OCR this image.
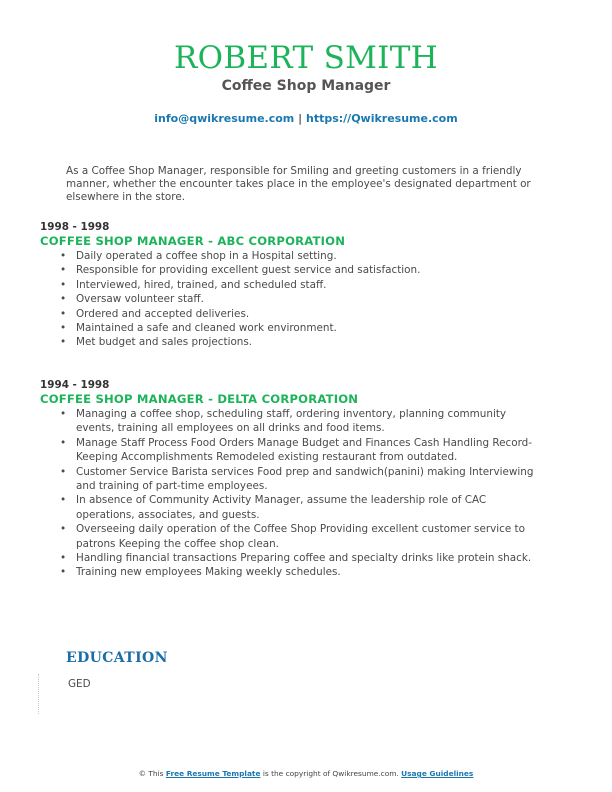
ROBERT SMITH
Coffee Shop Manager
info@qwikresume.com | https://Qwikresume.com
As a Coffee Shop Manager, responsible for Smiling and greeting customers in a friendly manner, whether the encounter takes place in the employee's designated department or elsewhere in the store.
1998 - 1998
COFFEE SHOP MANAGER - ABC CORPORATION
• Daily operated a coffee shop in a Hospital setting.
• Responsible for providing excellent guest service and satisfaction.
• Interviewed, hired, trained, and scheduled staff.
• Oversaw volunteer staff.
• Ordered and accepted deliveries.
• Maintained a safe and cleaned work environment.
• Met budget and sales projections.
1994 - 1998
COFFEE SHOP MANAGER - DELTA CORPORATION
• Managing a coffee shop, scheduling staff, ordering inventory, planning community events, training all employees on all drinks and food items.
• Manage Staff Process Food Orders Manage Budget and Finances Cash Handling Record-Keeping Accomplishments Remodeled existing restaurant from outdated.
• Customer Service Barista services Food prep and sandwich(panini) making Interviewing and training of part-time employees.
• In absence of Community Activity Manager, assume the leadership role of CAC operations, associates, and guests.
• Overseeing daily operation of the Coffee Shop Providing excellent customer service to patrons Keeping the coffee shop clean.
• Handling financial transactions Preparing coffee and specialty drinks like protein shack.
• Training new employees Making weekly schedules.
EDUCATION
GED
© This Free Resume Template is the copyright of Qwikresume.com. Usage Guidelines
